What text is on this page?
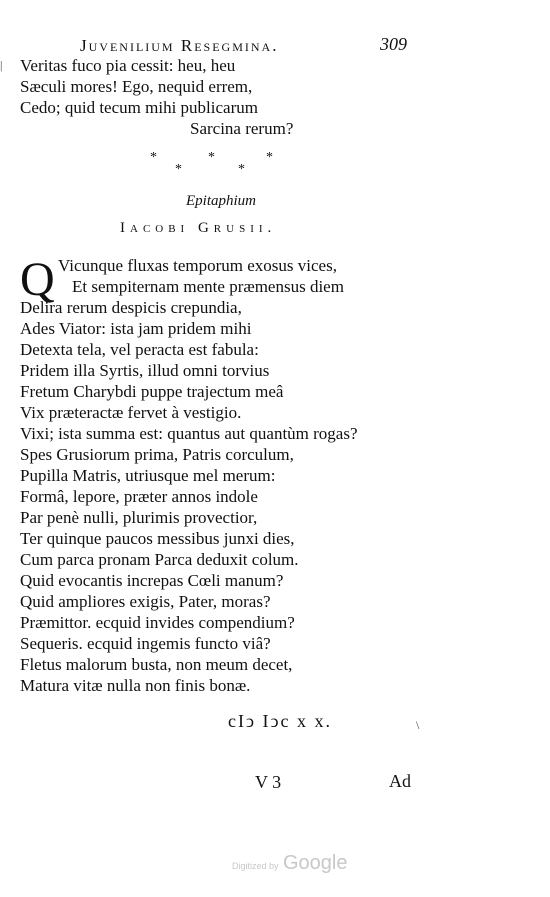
Juvenilium Resegmina.	309
| Veritas fuco pia cessit: heu, heu
Sæculi mores! Ego, nequid errem,
Cedo; quid tecum mihi publicarum
Sarcina rerum?
*	*	*
*	*
Epitaphium
Iacobi Grusii.
Q Vicunque fluxas temporum exosus vices,
Et sempiternam mente præmensus diem
Delira rerum despicis crepundia,
Ades Viator: ista jam pridem mihi
Detexta tela, vel peracta est fabula:
Pridem illa Syrtis, illud omni torvius
Fretum Charybdi puppe trajectum meâ
Vix præteractæ fervet à vestigio.
Vixi; ista summa est: quantus aut quantùm rogas?
Spes Grusiorum prima, Patris corculum,
Pupilla Matris, utriusque mel merum:
Formâ, lepore, præter annos indole
Par penè nulli, plurimis provectior,
Ter quinque paucos messibus junxi dies,
Cum parca pronam Parca deduxit colum.
Quid evocantis increpas Cœli manum?
Quid ampliores exigis, Pater, moras?
Præmittor. ecquid invides compendium?
Sequeris. ecquid ingemis functo viâ?
Fletus malorum busta, non meum decet,
Matura vitæ nulla non finis bonæ.
cIↄ Iↄc x x.	\
V 3	Ad
Digitized by Google
